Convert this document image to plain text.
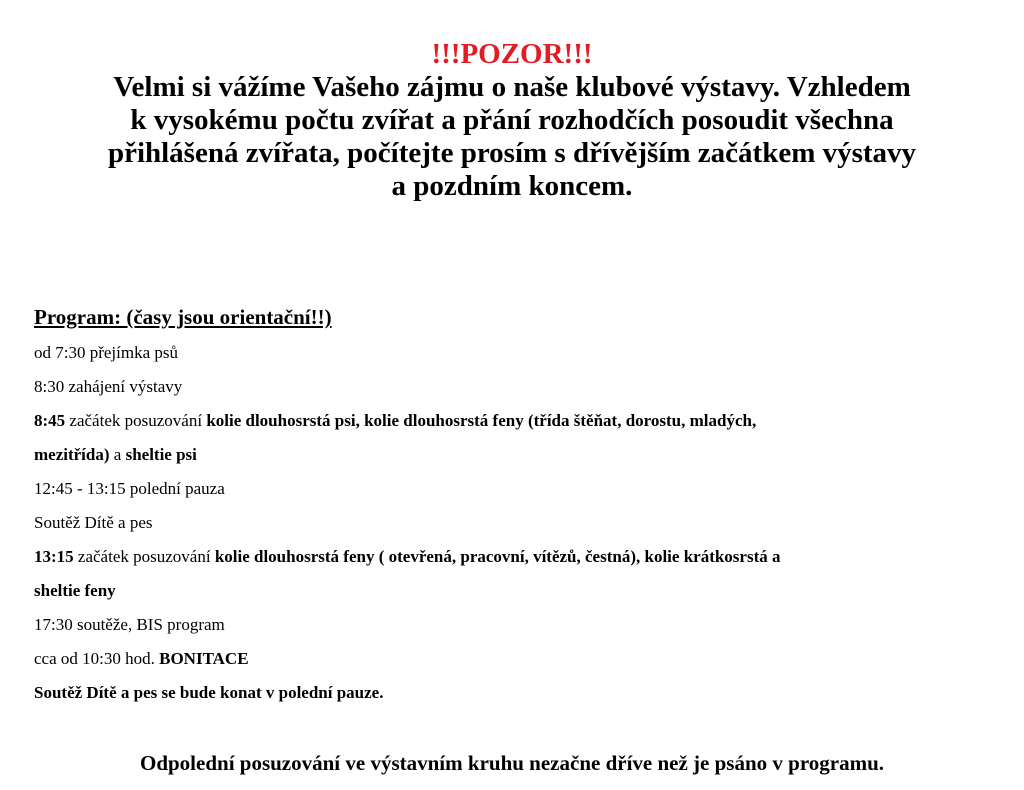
!!!POZOR!!!
Velmi si vážíme Vašeho zájmu o naše klubové výstavy. Vzhledem
k vysokému počtu zvířat a přání rozhodčích posoudit všechna
přihlášená zvířata, počítejte prosím s dřívějším začátkem výstavy
a pozdním koncem.
Program: (časy jsou orientační!!)
od 7:30 přejímka psů
8:30 zahájení výstavy
8:45 začátek posuzování kolie dlouhosrstá psi, kolie dlouhosrstá feny (třída štěňat, dorostu, mladých,
mezitřída) a sheltie psi
12:45 - 13:15 polední pauza
Soutěž Dítě a pes
13:15 začátek posuzování kolie dlouhosrstá feny ( otevřená, pracovní, vítězů, čestná), kolie krátkosrstá a
sheltie feny
17:30 soutěže, BIS program
cca od 10:30 hod. BONITACE
Soutěž Dítě a pes se bude konat v polední pauze.
Odpolední posuzování ve výstavním kruhu nezačne dříve než je psáno v programu.
